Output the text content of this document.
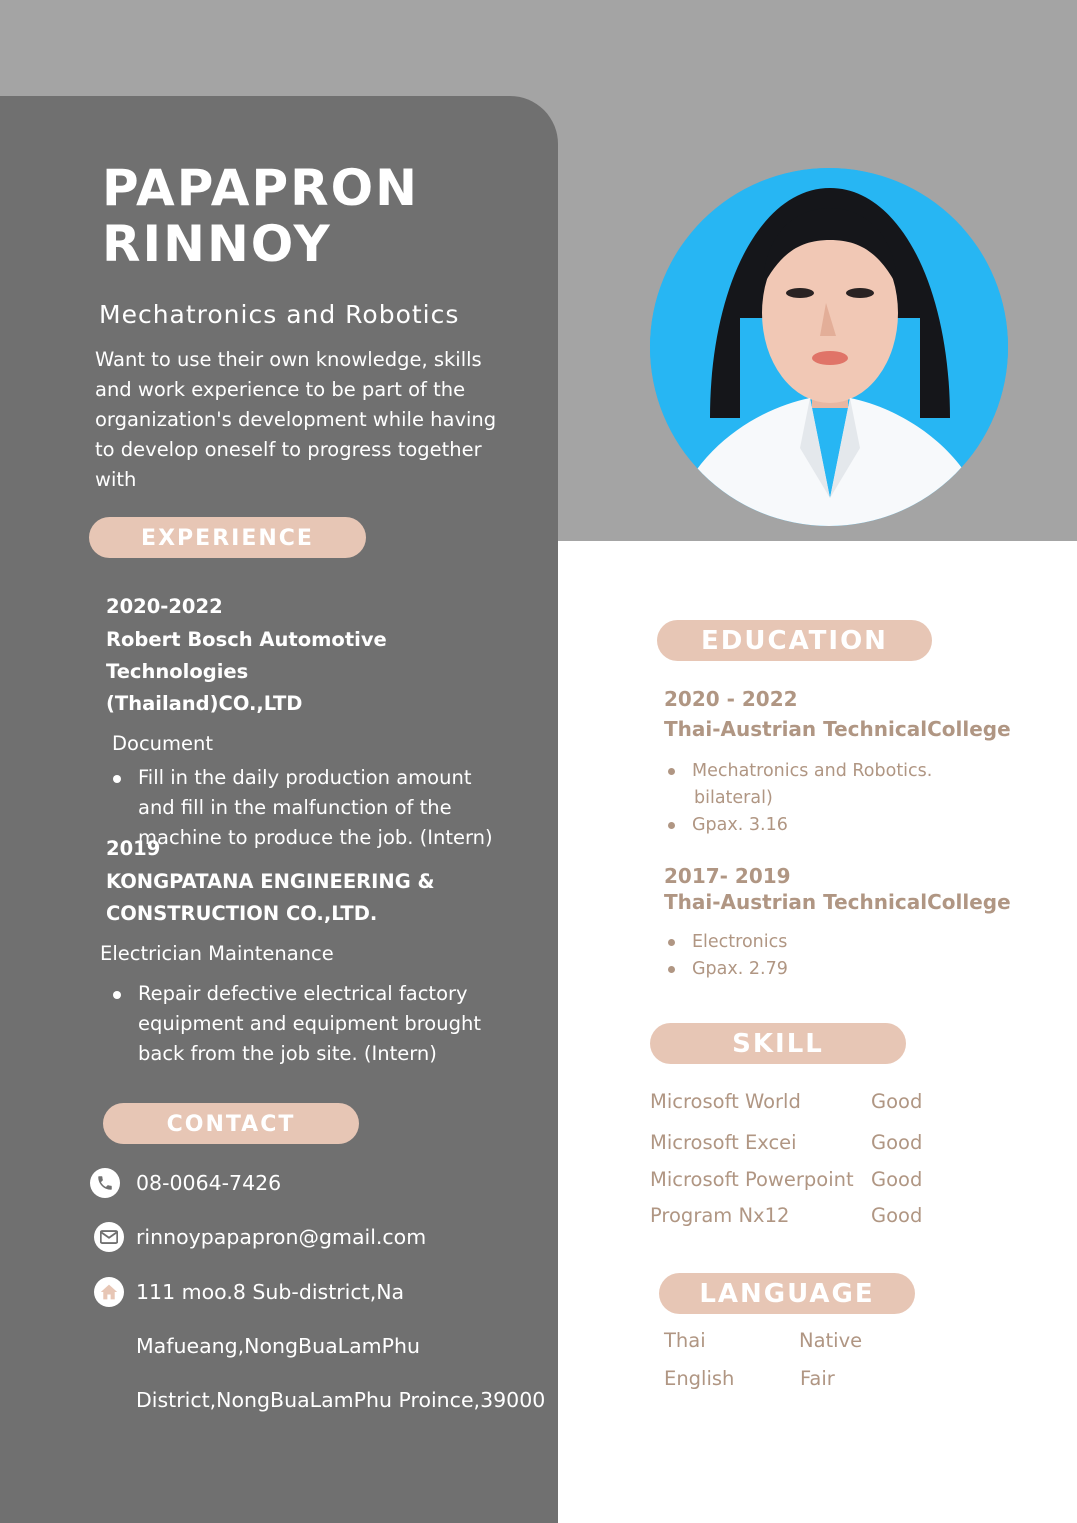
PAPAPRON
RINNOY

Mechatronics and Robotics

Want to use their own knowledge, skills and work experience to be part of the organization's development while having to develop oneself to progress together with

EXPERIENCE
2020-2022
Robert Bosch Automotive Technologies
(Thailand)CO.,LTD
Document
Fill in the daily production amount and fill in the malfunction of the machine to produce the job. (Intern)
2019
KONGPATANA ENGINEERING &
CONSTRUCTION CO.,LTD.
Electrician Maintenance
Repair defective electrical factory equipment and equipment brought back from the job site. (Intern)
CONTACT
08-0064-7426
rinnoypapapron@gmail.com
111 moo.8 Sub-district,Na
Mafueang,NongBuaLamPhu
District,NongBuaLamPhu Proince,39000
EDUCATION

2020 - 2022

Thai-Austrian TechnicalCollege

Mechatronics and Robotics.
bilateral)
Gpax. 3.16

2017- 2019

Thai-Austrian TechnicalCollege

Electronics
Gpax. 2.79
SKILL
Microsoft World	Good
Microsoft Excei	Good
Microsoft Powerpoint Good
Program Nx12	Good
LANGUAGE
Thai	Native
English	Fair
